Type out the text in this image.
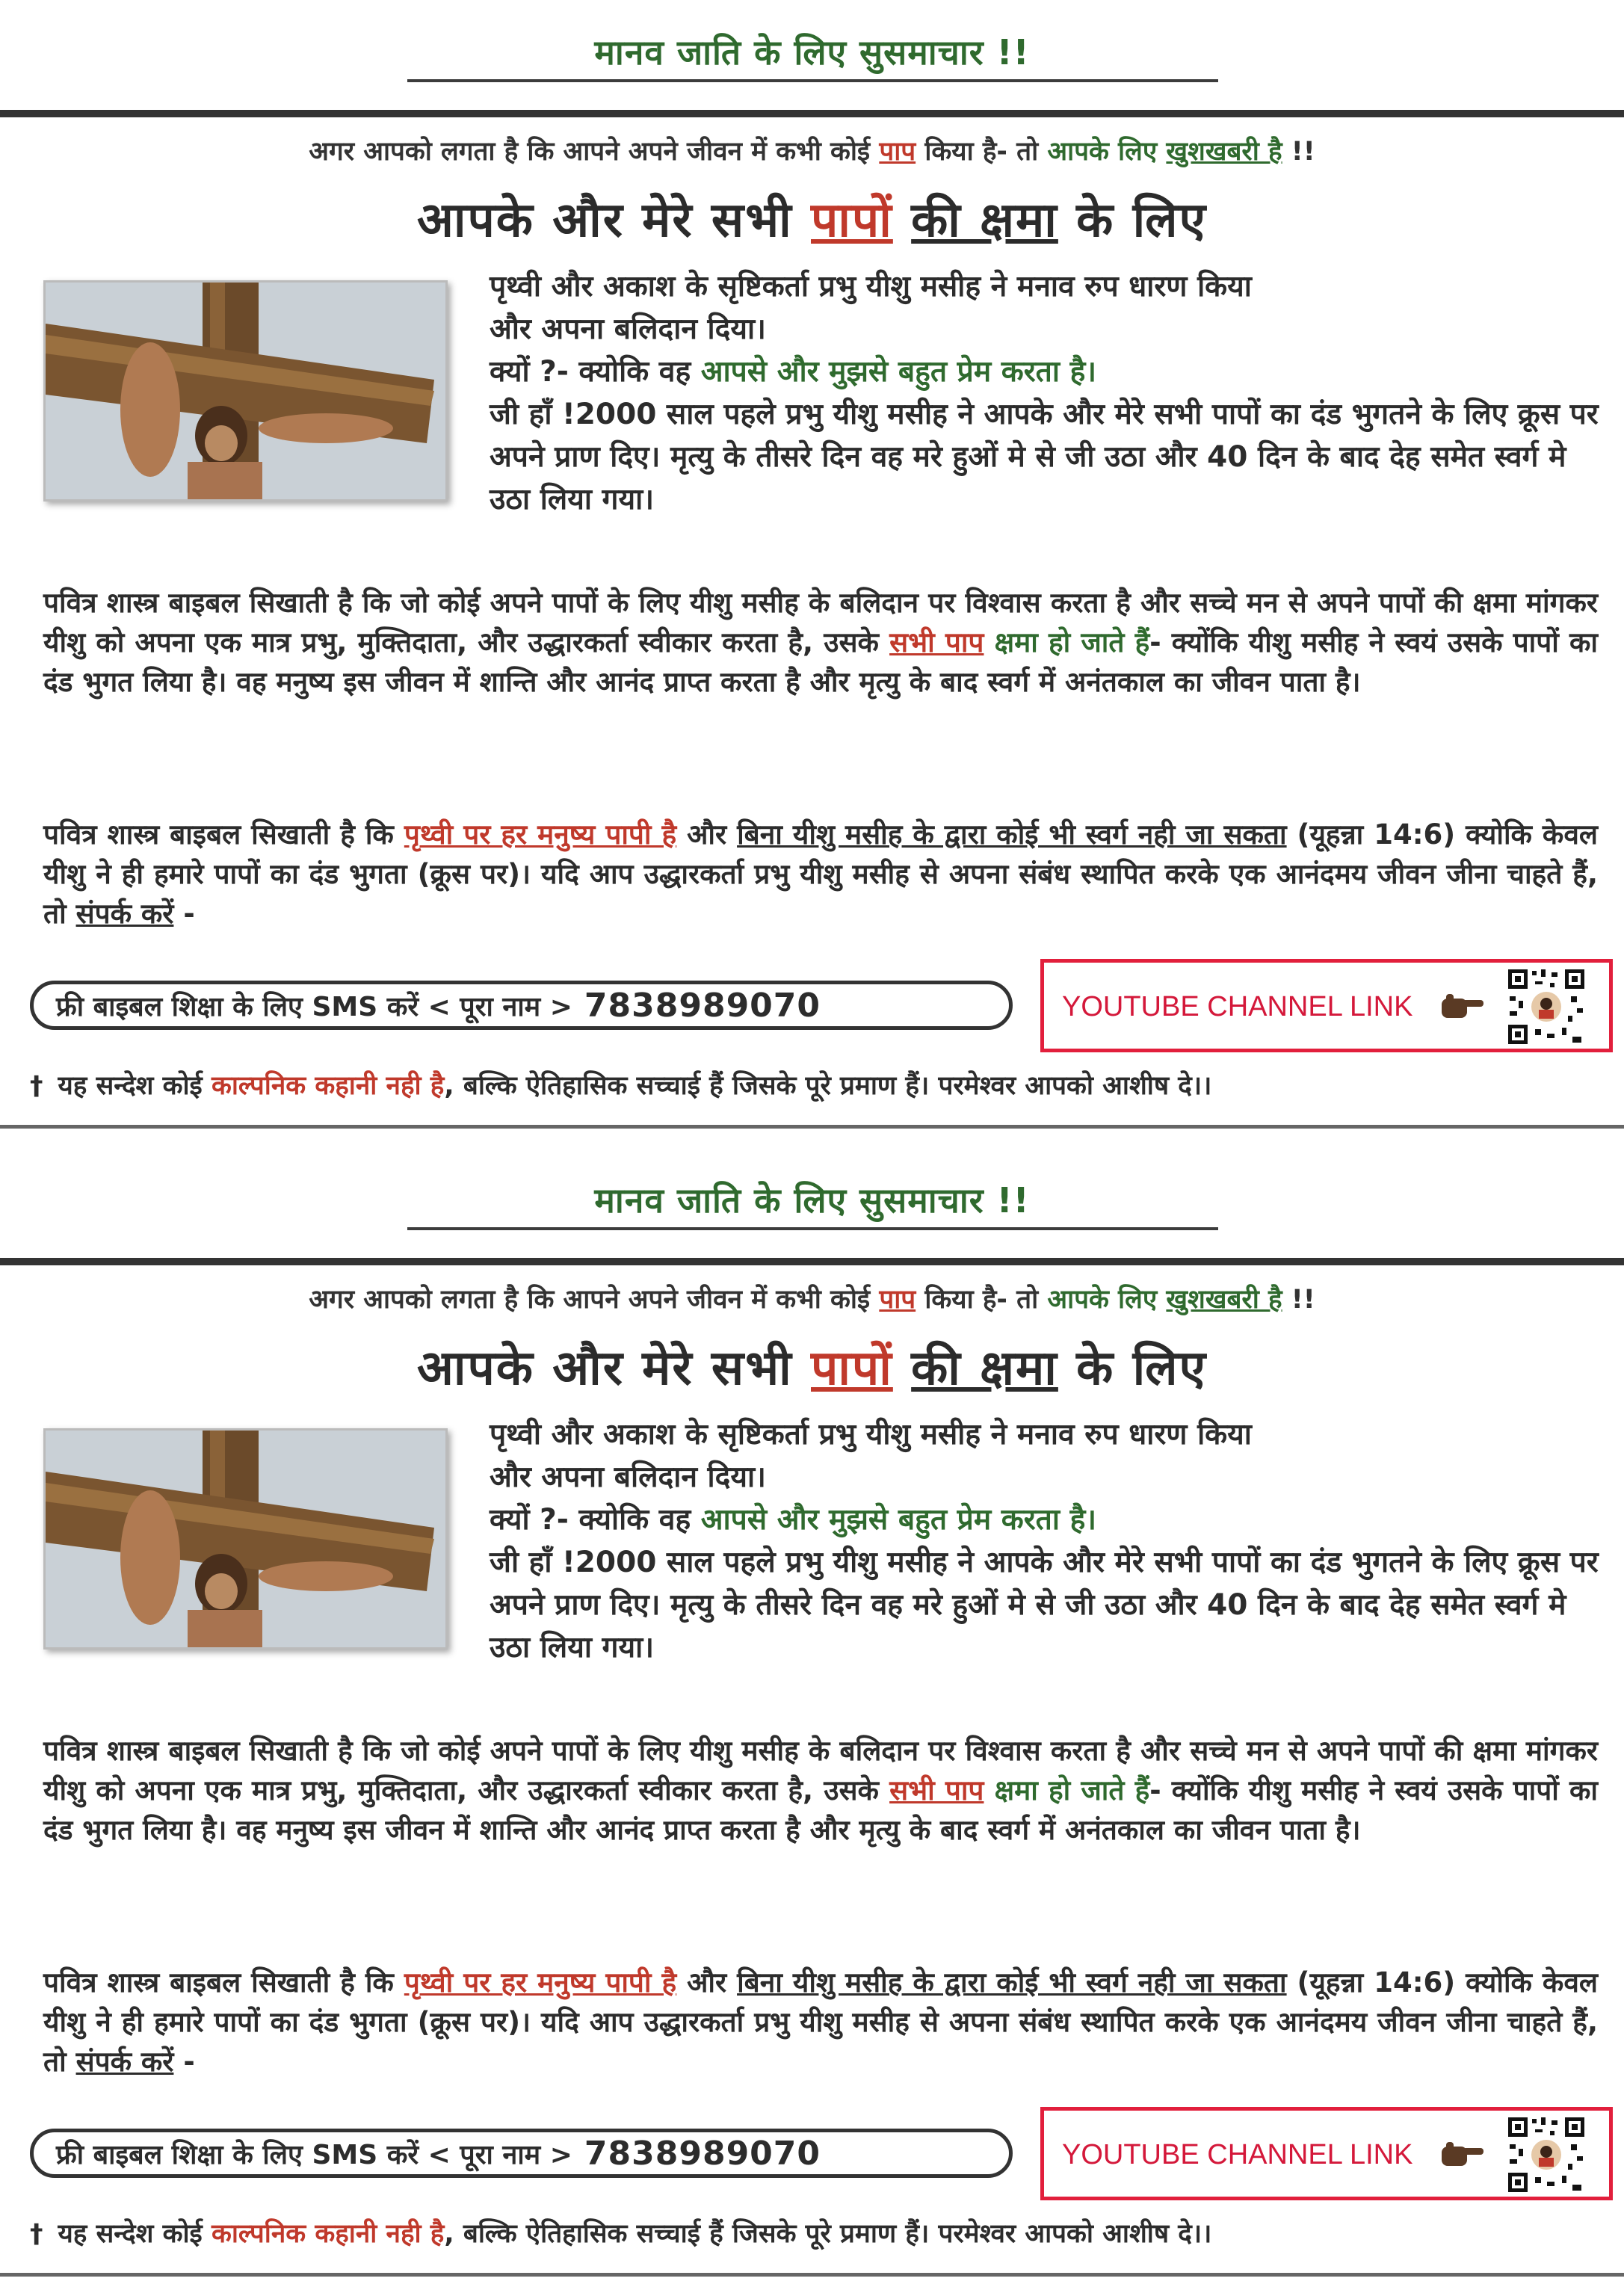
मानव जाति के लिए सुसमाचार !!
अगर आपको लगता है कि आपने अपने जीवन में कभी कोई पाप किया है- तो आपके लिए खुशखबरी है !!
आपके और मेरे सभी पापों की क्षमा के लिए

पृथ्वी और अकाश के सृष्टिकर्ता प्रभु यीशु मसीह ने मनाव रुप धारण किया

और अपना बलिदान दिया।

क्यों ?- क्योकि वह आपसे और मुझसे बहुत प्रेम करता है।

जी हाँ !2000 साल पहले प्रभु यीशु मसीह ने आपके और मेरे सभी पापों का दंड भुगतने के लिए क्रूस पर अपने प्राण दिए। मृत्यु के तीसरे दिन वह मरे हुओं मे से जी उठा और 40 दिन के बाद देह समेत स्वर्ग मे उठा लिया गया।

पवित्र शास्त्र बाइबल सिखाती है कि जो कोई अपने पापों के लिए यीशु मसीह के बलिदान पर विश्वास करता है और सच्चे मन से अपने पापों की क्षमा मांगकर यीशु को अपना एक मात्र प्रभु, मुक्तिदाता, और उद्धारकर्ता स्वीकार करता है, उसके सभी पाप क्षमा हो जाते हैं- क्योंकि यीशु मसीह ने स्वयं उसके पापों का दंड भुगत लिया है। वह मनुष्य इस जीवन में शान्ति और आनंद प्राप्त करता है और मृत्यु के बाद स्वर्ग में अनंतकाल का जीवन पाता है।
पवित्र शास्त्र बाइबल सिखाती है कि पृथ्वी पर हर मनुष्य पापी है और बिना यीशु मसीह के द्वारा कोई भी स्वर्ग नही जा सकता (यूहन्ना 14:6) क्योकि केवल यीशु ने ही हमारे पापों का दंड भुगता (क्रूस पर)। यदि आप उद्धारकर्ता प्रभु यीशु मसीह से अपना संबंध स्थापित करके एक आनंदमय जीवन जीना चाहते हैं, तो संपर्क करें -
फ्री बाइबल शिक्षा के लिए SMS करें < पूरा नाम > 7838989070	YOUTUBE CHANNEL LINK
† यह सन्देश कोई काल्पनिक कहानी नही है, बल्कि ऐतिहासिक सच्चाई हैं जिसके पूरे प्रमाण हैं। परमेश्वर आपको आशीष दे।।
मानव जाति के लिए सुसमाचार !!
अगर आपको लगता है कि आपने अपने जीवन में कभी कोई पाप किया है- तो आपके लिए खुशखबरी है !!
आपके और मेरे सभी पापों की क्षमा के लिए

पृथ्वी और अकाश के सृष्टिकर्ता प्रभु यीशु मसीह ने मनाव रुप धारण किया

और अपना बलिदान दिया।

क्यों ?- क्योकि वह आपसे और मुझसे बहुत प्रेम करता है।

जी हाँ !2000 साल पहले प्रभु यीशु मसीह ने आपके और मेरे सभी पापों का दंड भुगतने के लिए क्रूस पर अपने प्राण दिए। मृत्यु के तीसरे दिन वह मरे हुओं मे से जी उठा और 40 दिन के बाद देह समेत स्वर्ग मे उठा लिया गया।

पवित्र शास्त्र बाइबल सिखाती है कि जो कोई अपने पापों के लिए यीशु मसीह के बलिदान पर विश्वास करता है और सच्चे मन से अपने पापों की क्षमा मांगकर यीशु को अपना एक मात्र प्रभु, मुक्तिदाता, और उद्धारकर्ता स्वीकार करता है, उसके सभी पाप क्षमा हो जाते हैं- क्योंकि यीशु मसीह ने स्वयं उसके पापों का दंड भुगत लिया है। वह मनुष्य इस जीवन में शान्ति और आनंद प्राप्त करता है और मृत्यु के बाद स्वर्ग में अनंतकाल का जीवन पाता है।
पवित्र शास्त्र बाइबल सिखाती है कि पृथ्वी पर हर मनुष्य पापी है और बिना यीशु मसीह के द्वारा कोई भी स्वर्ग नही जा सकता (यूहन्ना 14:6) क्योकि केवल यीशु ने ही हमारे पापों का दंड भुगता (क्रूस पर)। यदि आप उद्धारकर्ता प्रभु यीशु मसीह से अपना संबंध स्थापित करके एक आनंदमय जीवन जीना चाहते हैं, तो संपर्क करें -
फ्री बाइबल शिक्षा के लिए SMS करें < पूरा नाम > 7838989070	YOUTUBE CHANNEL LINK
† यह सन्देश कोई काल्पनिक कहानी नही है, बल्कि ऐतिहासिक सच्चाई हैं जिसके पूरे प्रमाण हैं। परमेश्वर आपको आशीष दे।।
